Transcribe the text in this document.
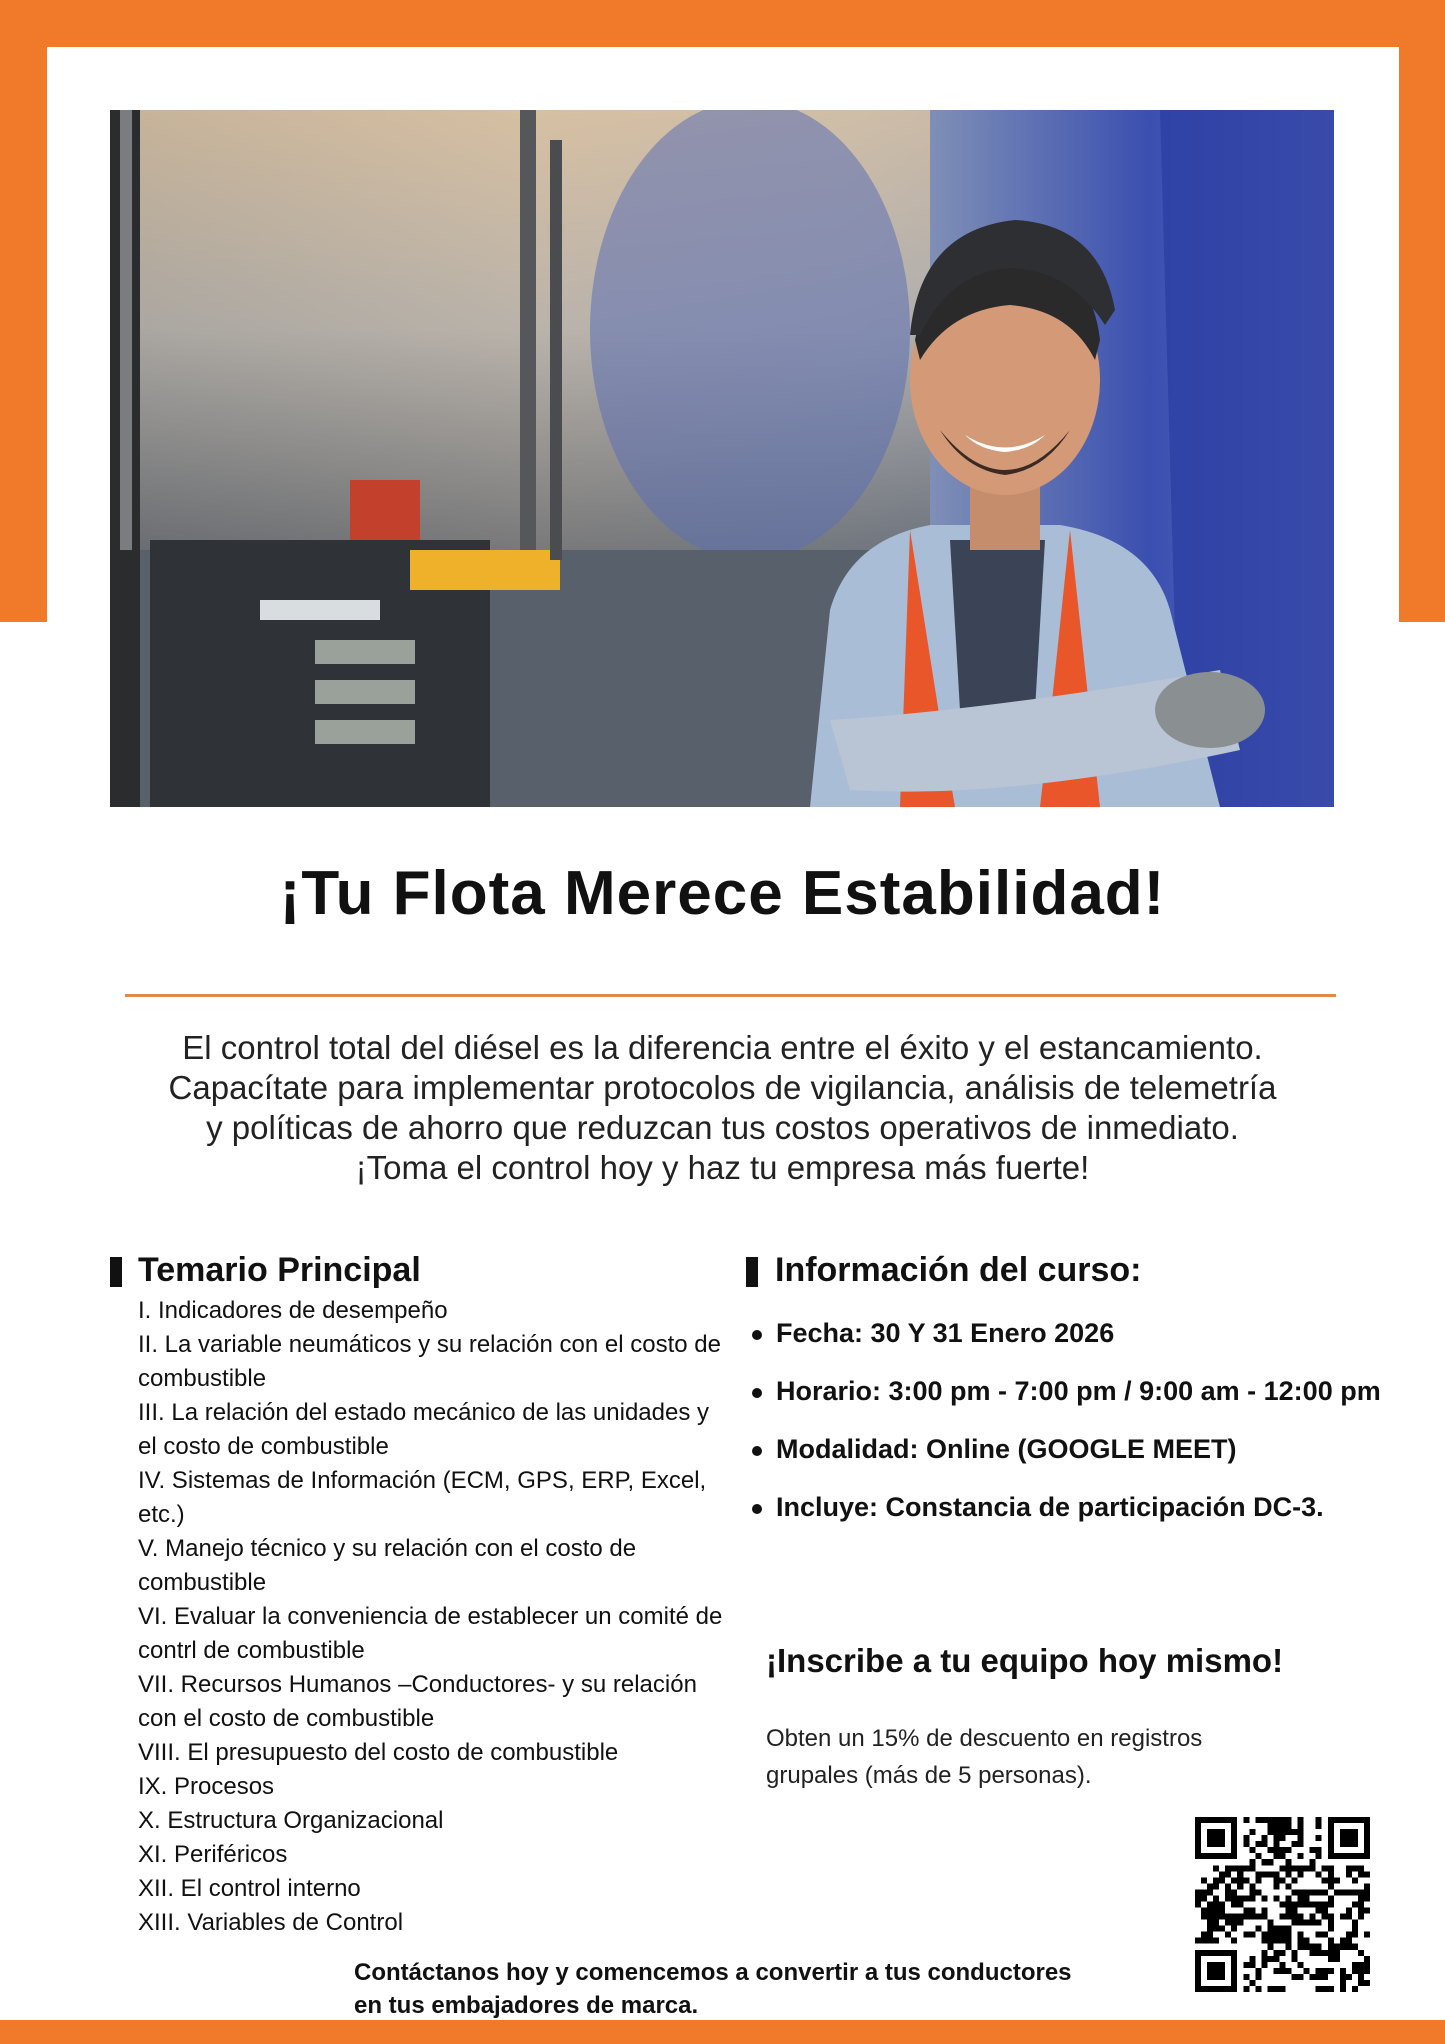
¡Tu Flota Merece Estabilidad!
El control total del diésel es la diferencia entre el éxito y el estancamiento.
Capacítate para implementar protocolos de vigilancia, análisis de telemetría
y políticas de ahorro que reduzcan tus costos operativos de inmediato.
¡Toma el control hoy y haz tu empresa más fuerte!
Temario Principal
I. Indicadores de desempeño
II. La variable neumáticos y su relación con el costo de combustible
III. La relación del estado mecánico de las unidades y el costo de combustible
IV. Sistemas de Información (ECM, GPS, ERP, Excel, etc.)
V. Manejo técnico y su relación con el costo de combustible
VI. Evaluar la conveniencia de establecer un comité de contrl de combustible
VII. Recursos Humanos –Conductores- y su relación con el costo de combustible
VIII. El presupuesto del costo de combustible
IX. Procesos
X. Estructura Organizacional
XI. Periféricos
XII. El control interno
XIII. Variables de Control
Información del curso:
Fecha: 30 Y 31 Enero 2026
Horario: 3:00 pm - 7:00 pm / 9:00 am - 12:00 pm
Modalidad: Online (GOOGLE MEET)
Incluye: Constancia de participación DC-3.
¡Inscribe a tu equipo hoy mismo!
Obten un 15% de descuento en registros grupales (más de 5 personas).
Contáctanos hoy y comencemos a convertir a tus conductores
en tus embajadores de marca.
